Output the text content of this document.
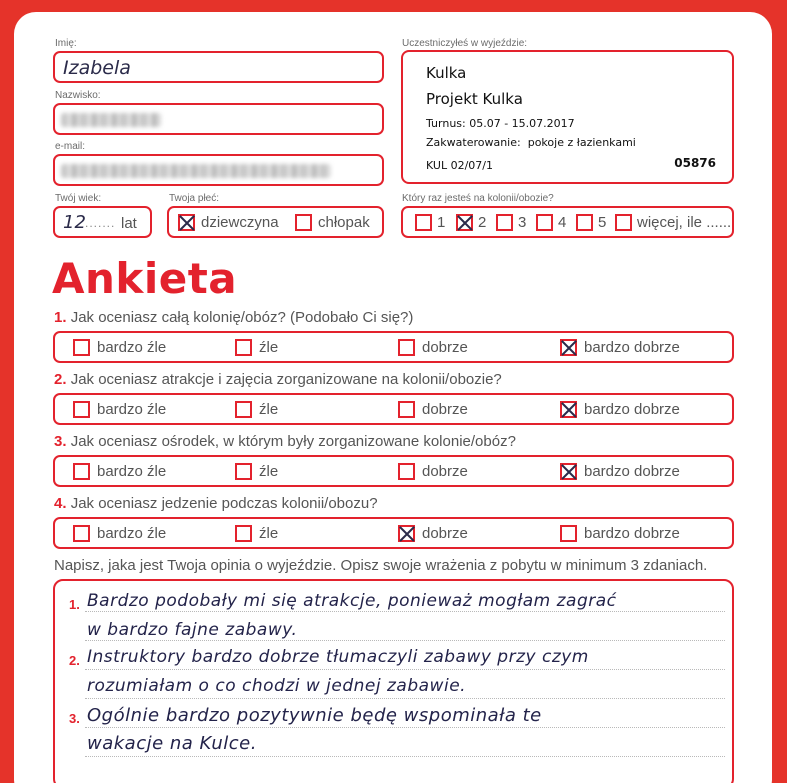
Imię:
Izabela
Nazwisko:
e-mail:
Twój wiek:
12 ....... lat
Twoja płeć:
dziewczyna	chłopak
Uczestniczyłeś w wyjeździe:
Kulka
Projekt Kulka
Turnus: 05.07 - 15.07.2017
Zakwaterowanie: pokoje z łazienkami
KUL 02/07/1	05876
Który raz jesteś na kolonii/obozie?
1 2 3 4 5 więcej, ile ......
Ankieta
1. Jak oceniasz całą kolonię/obóz? (Podobało Ci się?)
bardzo źle	źle	dobrze	bardzo dobrze
2. Jak oceniasz atrakcje i zajęcia zorganizowane na kolonii/obozie?
bardzo źle	źle	dobrze	bardzo dobrze
3. Jak oceniasz ośrodek, w którym były zorganizowane kolonie/obóz?
bardzo źle	źle	dobrze	bardzo dobrze
4. Jak oceniasz jedzenie podczas kolonii/obozu?
bardzo źle	źle	dobrze	bardzo dobrze
Napisz, jaka jest Twoja opinia o wyjeździe. Opisz swoje wrażenia z pobytu w minimum 3 zdaniach.
1.
2.
3.
Bardzo podobały mi się atrakcje, ponieważ mogłam zagrać
w bardzo fajne zabawy.
Instruktory bardzo dobrze tłumaczyli zabawy przy czym
rozumiałam o co chodzi w jednej zabawie.
Ogólnie bardzo pozytywnie będę wspominała te
wakacje na Kulce.
